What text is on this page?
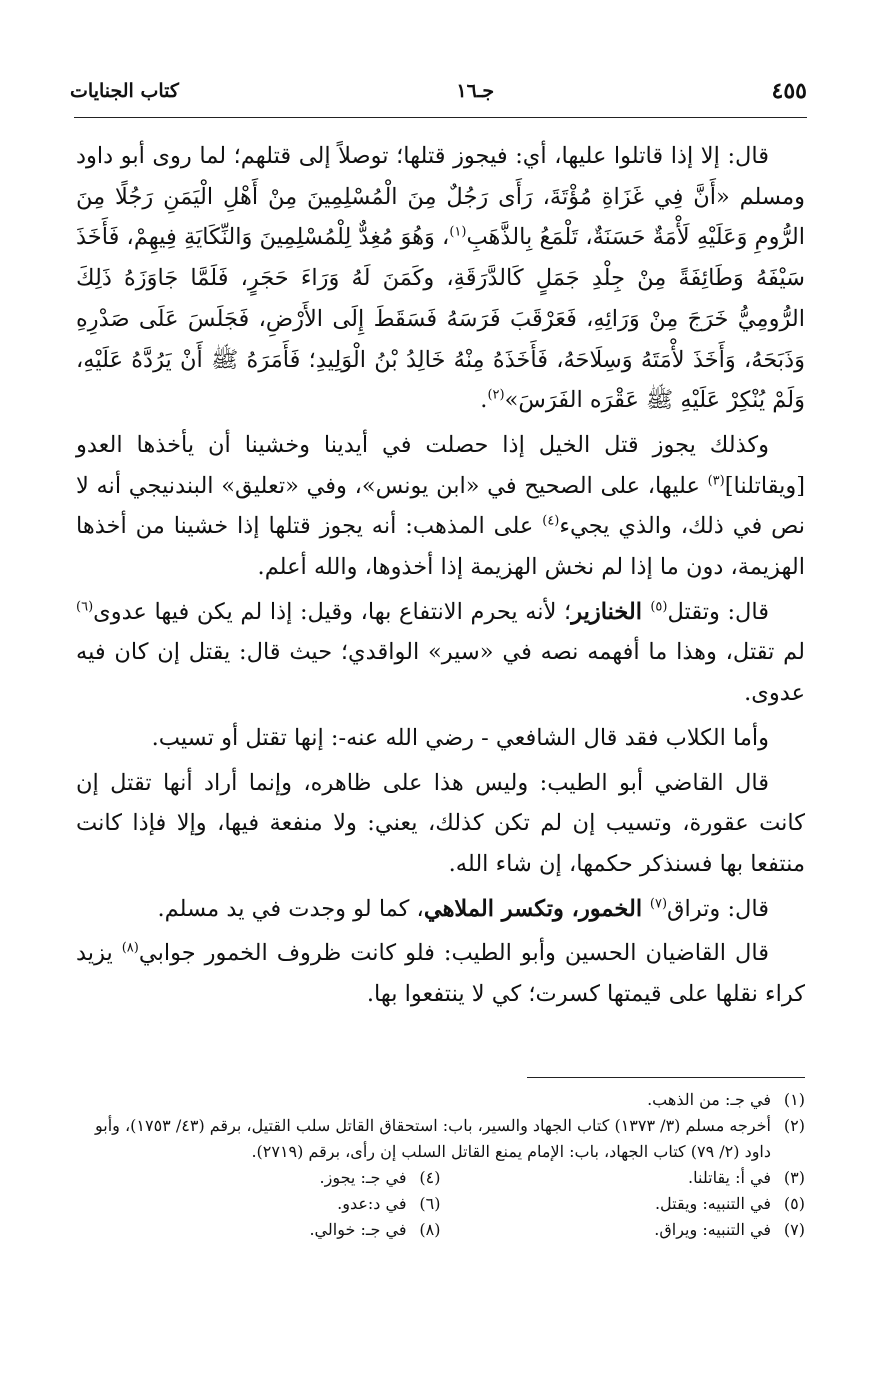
٤٥٥
جـ١٦
كتاب الجنايات

قال: إلا إذا قاتلوا عليها، أي: فيجوز قتلها؛ توصلاً إلى قتلهم؛ لما روى أبو داود ومسلم «أَنَّ فِي غَزَاةِ مُؤْتَةَ، رَأَى رَجُلٌ مِنَ الْمُسْلِمِينَ مِنْ أَهْلِ الْيَمَنِ رَجُلًا مِنَ الرُّومِ وَعَلَيْهِ لَأْمَةٌ حَسَنَةٌ، تَلْمَعُ بِالذَّهَبِ$^{(١)}$، وَهُوَ مُغِدٌّ لِلْمُسْلِمِينَ وَالنِّكَايَةِ فِيهِمْ، فَأَخَذَ سَيْفَهُ وَطَائِفَةً مِنْ جِلْدِ جَمَلٍ كَالدَّرَقَةِ، وكَمَنَ لَهُ وَرَاءَ حَجَرٍ، فَلَمَّا جَاوَزَهُ ذَلِكَ الرُّومِيُّ خَرَجَ مِنْ وَرَائِهِ، فَعَرْقَبَ فَرَسَهُ فَسَقَطَ إِلَى الأَرْضِ، فَجَلَسَ عَلَى صَدْرِهِ وَذَبَحَهُ، وَأَخَذَ لأْمَتَهُ وَسِلَاحَهُ، فَأَخَذَهُ مِنْهُ خَالِدُ بْنُ الْوَلِيدِ؛ فَأَمَرَهُ ﷺ أَنْ يَرُدَّهُ عَلَيْهِ، وَلَمْ يُنْكِرْ عَلَيْهِ ﷺ عَقْرَه الفَرَسَ»$^{(٢)}$.

وكذلك يجوز قتل الخيل إذا حصلت في أيدينا وخشينا أن يأخذها العدو [ويقاتلنا]$^{(٣)}$ عليها، على الصحيح في «ابن يونس»، وفي «تعليق» البندنيجي أنه لا نص في ذلك، والذي يجيء$^{(٤)}$ على المذهب: أنه يجوز قتلها إذا خشينا من أخذها الهزيمة، دون ما إذا لم نخش الهزيمة إذا أخذوها، والله أعلم.

قال: وتقتل$^{(٥)}$ الخنازير؛ لأنه يحرم الانتفاع بها، وقيل: إذا لم يكن فيها عدوى$^{(٦)}$ لم تقتل، وهذا ما أفهمه نصه في «سير» الواقدي؛ حيث قال: يقتل إن كان فيه عدوى.

وأما الكلاب فقد قال الشافعي - رضي الله عنه-: إنها تقتل أو تسيب.

قال القاضي أبو الطيب: وليس هذا على ظاهره، وإنما أراد أنها تقتل إن كانت عقورة، وتسيب إن لم تكن كذلك، يعني: ولا منفعة فيها، وإلا فإذا كانت منتفعا بها فسنذكر حكمها، إن شاء الله.

قال: وتراق$^{(٧)}$ الخمور، وتكسر الملاهي، كما لو وجدت في يد مسلم.

قال القاضيان الحسين وأبو الطيب: فلو كانت ظروف الخمور جوابي$^{(٨)}$ يزيد كراء نقلها على قيمتها كسرت؛ كي لا ينتفعوا بها.

(١)
في جـ: من الذهب.
(٢)
أخرجه مسلم (٣/ ١٣٧٣) كتاب الجهاد والسير، باب: استحقاق القاتل سلب القتيل، برقم (٤٣/ ١٧٥٣)، وأبو داود (٢/ ٧٩) كتاب الجهاد، باب: الإمام يمنع القاتل السلب إن رأى، برقم (٢٧١٩).
(٣)
في أ: يقاتلنا.
(٤)
في جـ: يجوز.
(٥)
في التنبيه: ويقتل.
(٦)
في د:عدو.
(٧)
في التنبيه: ويراق.
(٨)
في جـ: خوالي.
